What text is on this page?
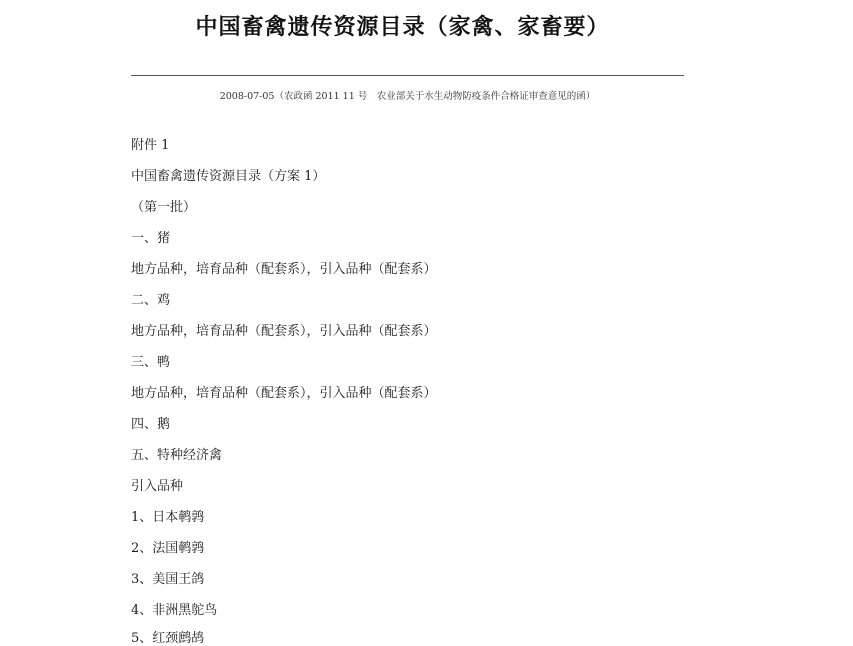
中国畜禽遗传资源目录（家禽、家畜要）
2008-07-05（农政函 2011 11 号　农业部关于水生动物防疫条件合格证审查意见的函）
附件 1
中国畜禽遗传资源目录（方案 1）
（第一批）
一、猪
地方品种，培育品种（配套系），引入品种（配套系）
二、鸡
地方品种，培育品种（配套系），引入品种（配套系）
三、鸭
地方品种，培育品种（配套系），引入品种（配套系）
四、鹅
五、特种经济禽
引入品种
1、日本鹌鹑
2、法国鹌鹑
3、美国王鸽
4、非洲黑鸵鸟
5、红颈鹧鸪
